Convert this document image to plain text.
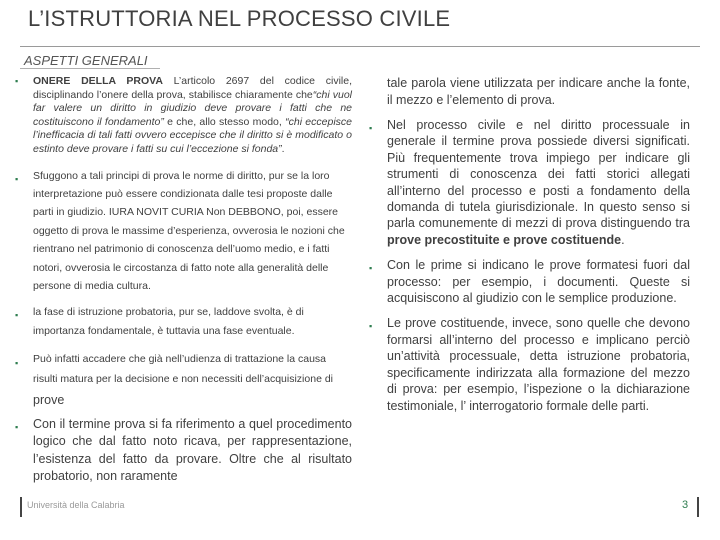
L’ISTRUTTORIA NEL PROCESSO CIVILE
ASPETTI GENERALI
▪ ONERE DELLA PROVA L’articolo 2697 del codice civile, disciplinando l’onere della prova, stabilisce chiaramente che“chi vuol far valere un diritto in giudizio deve provare i fatti che ne costituiscono il fondamento” e che, allo stesso modo, “chi eccepisce l’inefficacia di tali fatti ovvero eccepisce che il diritto si è modificato o estinto deve provare i fatti su cui l’eccezione si fonda”.
▪ Sfuggono a tali principi di prova le norme di diritto, pur se la loro interpretazione può essere condizionata dalle tesi proposte dalle parti in giudizio. IURA NOVIT CURIA Non DEBBONO, poi, essere oggetto di prova le massime d’esperienza, ovverosia le nozioni che rientrano nel patrimonio di conoscenza dell’uomo medio, e i fatti notori, ovverosia le circostanza di fatto note alla generalità delle persone di media cultura.
▪ la fase di istruzione probatoria, pur se, laddove svolta, è di importanza fondamentale, è tuttavia una fase eventuale.
▪ Può infatti accadere che già nell’udienza di trattazione la causa risulti matura per la decisione e non necessiti dell’acquisizione di prove
▪ Con il termine prova si fa riferimento a quel procedimento logico che dal fatto noto ricava, per rappresentazione, l’esistenza del fatto da provare. Oltre che al risultato probatorio, non raramente
tale parola viene utilizzata per indicare anche la fonte, il mezzo e l’elemento di prova.
▪ Nel processo civile e nel diritto processuale in generale il termine prova possiede diversi significati. Più frequentemente trova impiego per indicare gli strumenti di conoscenza dei fatti storici allegati all’interno del processo e posti a fondamento della domanda di tutela giurisdizionale. In questo senso si parla comunemente di mezzi di prova distinguendo tra prove precostituite e prove costituende.
▪ Con le prime si indicano le prove formatesi fuori dal processo: per esempio, i documenti. Queste si acquisiscono al giudizio con le semplice produzione.
▪ Le prove costituende, invece, sono quelle che devono formarsi all’interno del processo e implicano perciò un’attività processuale, detta istruzione probatoria, specificamente indirizzata alla formazione del mezzo di prova: per esempio, l’ispezione o la dichiarazione testimoniale, l’ interrogatorio formale delle parti.
Università della Calabria	3
